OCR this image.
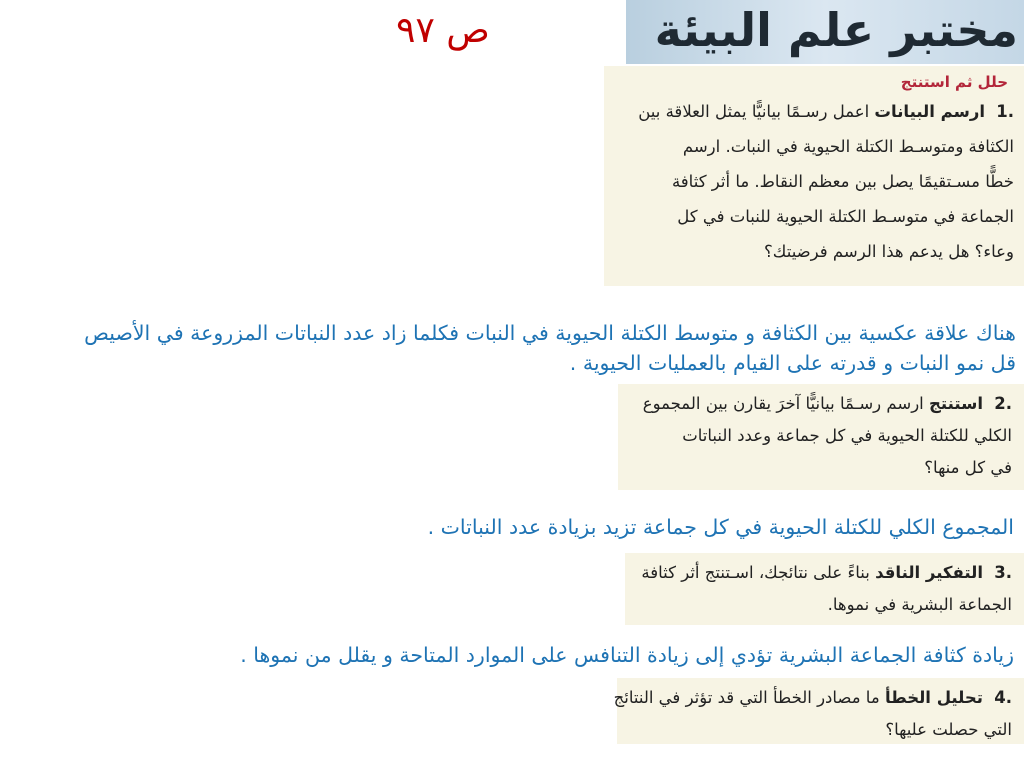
ص ٩٧	مختبر علم البيئة
حلل ثم استنتج
.1 ارسم البيانات اعمل رسـمًا بيانيًّا يمثل العلاقة بين
الكثافة ومتوسـط الكتلة الحيوية في النبات. ارسم
خطًّا مسـتقيمًا يصل بين معظم النقاط. ما أثر كثافة
الجماعة في متوسـط الكتلة الحيوية للنبات في كل
وعاء؟ هل يدعم هذا الرسم فرضيتك؟
هناك علاقة عكسية بين الكثافة و متوسط الكتلة الحيوية في النبات فكلما زاد عدد النباتات المزروعة في الأصيص
قل نمو النبات و قدرته على القيام بالعمليات الحيوية .
.2 استنتج ارسم رسـمًا بيانيًّا آخرَ يقارن بين المجموع
الكلي للكتلة الحيوية في كل جماعة وعدد النباتات
في كل منها؟
المجموع الكلي للكتلة الحيوية في كل جماعة تزيد بزيادة عدد النباتات .
.3 التفكير الناقد بناءً على نتائجك، اسـتنتج أثر كثافة
الجماعة البشرية في نموها.
زيادة كثافة الجماعة البشرية تؤدي إلى زيادة التنافس على الموارد المتاحة و يقلل من نموها .
.4 تحليل الخطأ ما مصادر الخطأ التي قد تؤثر في النتائج
التي حصلت عليها؟
